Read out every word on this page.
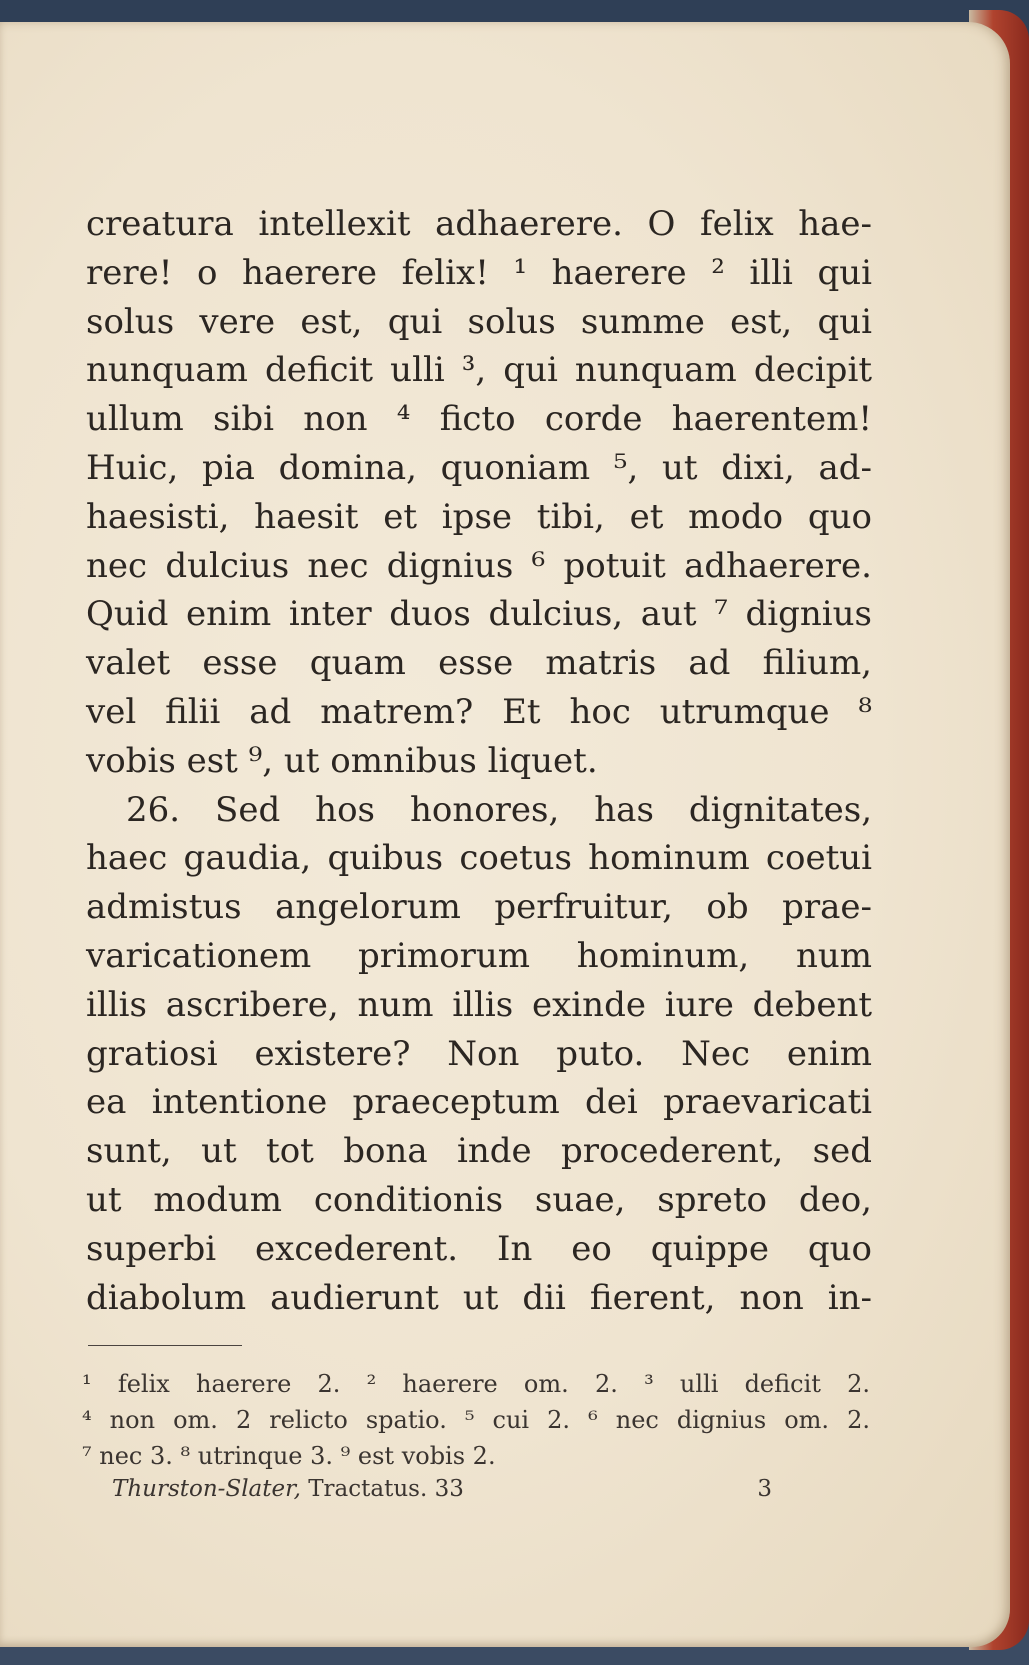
creatura intellexit adhaerere. O felix hae-
rere! o haerere felix! ¹ haerere ² illi qui
solus vere est, qui solus summe est, qui
nunquam deficit ulli ³, qui nunquam decipit
ullum sibi non ⁴ ficto corde haerentem!
Huic, pia domina, quoniam ⁵, ut dixi, ad-
haesisti, haesit et ipse tibi, et modo quo
nec dulcius nec dignius ⁶ potuit adhaerere.
Quid enim inter duos dulcius, aut ⁷ dignius
valet esse quam esse matris ad filium,
vel filii ad matrem? Et hoc utrumque ⁸
vobis est ⁹, ut omnibus liquet.
26. Sed hos honores, has dignitates,
haec gaudia, quibus coetus hominum coetui
admistus angelorum perfruitur, ob prae-
varicationem primorum hominum, num
illis ascribere, num illis exinde iure debent
gratiosi existere? Non puto. Nec enim
ea intentione praeceptum dei praevaricati
sunt, ut tot bona inde procederent, sed
ut modum conditionis suae, spreto deo,
superbi excederent. In eo quippe quo
diabolum audierunt ut dii fierent, non in-
¹ felix haerere 2. ² haerere om. 2. ³ ulli deficit 2.
⁴ non om. 2 relicto spatio. ⁵ cui 2. ⁶ nec dignius om. 2.
⁷ nec 3. ⁸ utrinque 3. ⁹ est vobis 2.
Thurston-Slater, Tractatus. 33	3
